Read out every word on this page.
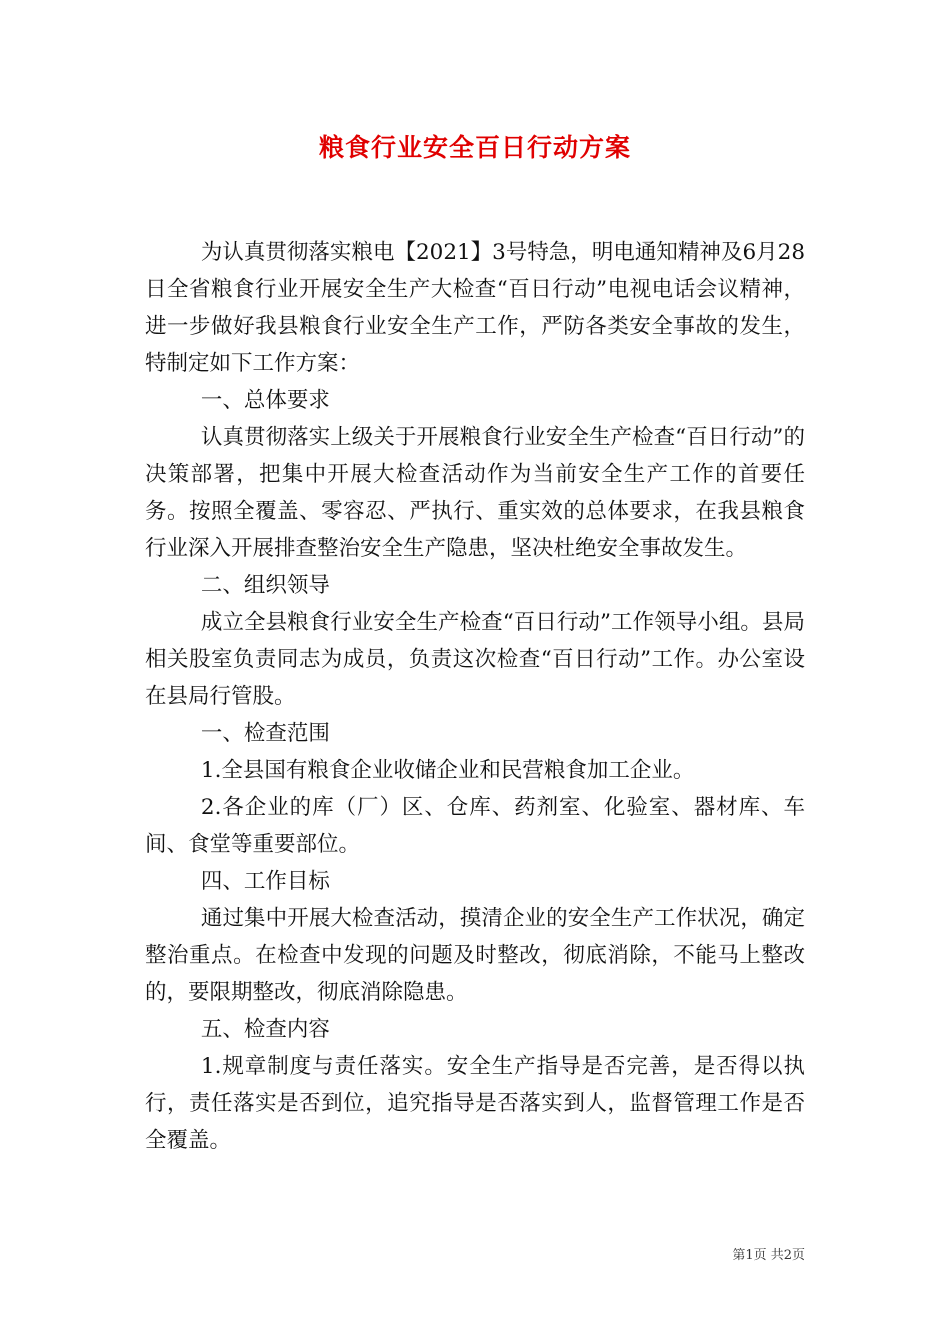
粮食行业安全百日行动方案

为认真贯彻落实粮电【2021】3号特急，明电通知精神及6月28日全省粮食行业开展安全生产大检查“百日行动”电视电话会议精神，进一步做好我县粮食行业安全生产工作，严防各类安全事故的发生，特制定如下工作方案：

一、总体要求

认真贯彻落实上级关于开展粮食行业安全生产检查“百日行动”的决策部署，把集中开展大检查活动作为当前安全生产工作的首要任务。按照全覆盖、零容忍、严执行、重实效的总体要求，在我县粮食行业深入开展排查整治安全生产隐患，坚决杜绝安全事故发生。

二、组织领导

成立全县粮食行业安全生产检查“百日行动”工作领导小组。县局相关股室负责同志为成员，负责这次检查“百日行动”工作。办公室设在县局行管股。

一、检查范围

1.全县国有粮食企业收储企业和民营粮食加工企业。

2.各企业的库（厂）区、仓库、药剂室、化验室、器材库、车间、食堂等重要部位。

四、工作目标

通过集中开展大检查活动，摸清企业的安全生产工作状况，确定整治重点。在检查中发现的问题及时整改，彻底消除，不能马上整改的，要限期整改，彻底消除隐患。

五、检查内容

1.规章制度与责任落实。安全生产指导是否完善，是否得以执行，责任落实是否到位，追究指导是否落实到人，监督管理工作是否全覆盖。

第1页 共2页
